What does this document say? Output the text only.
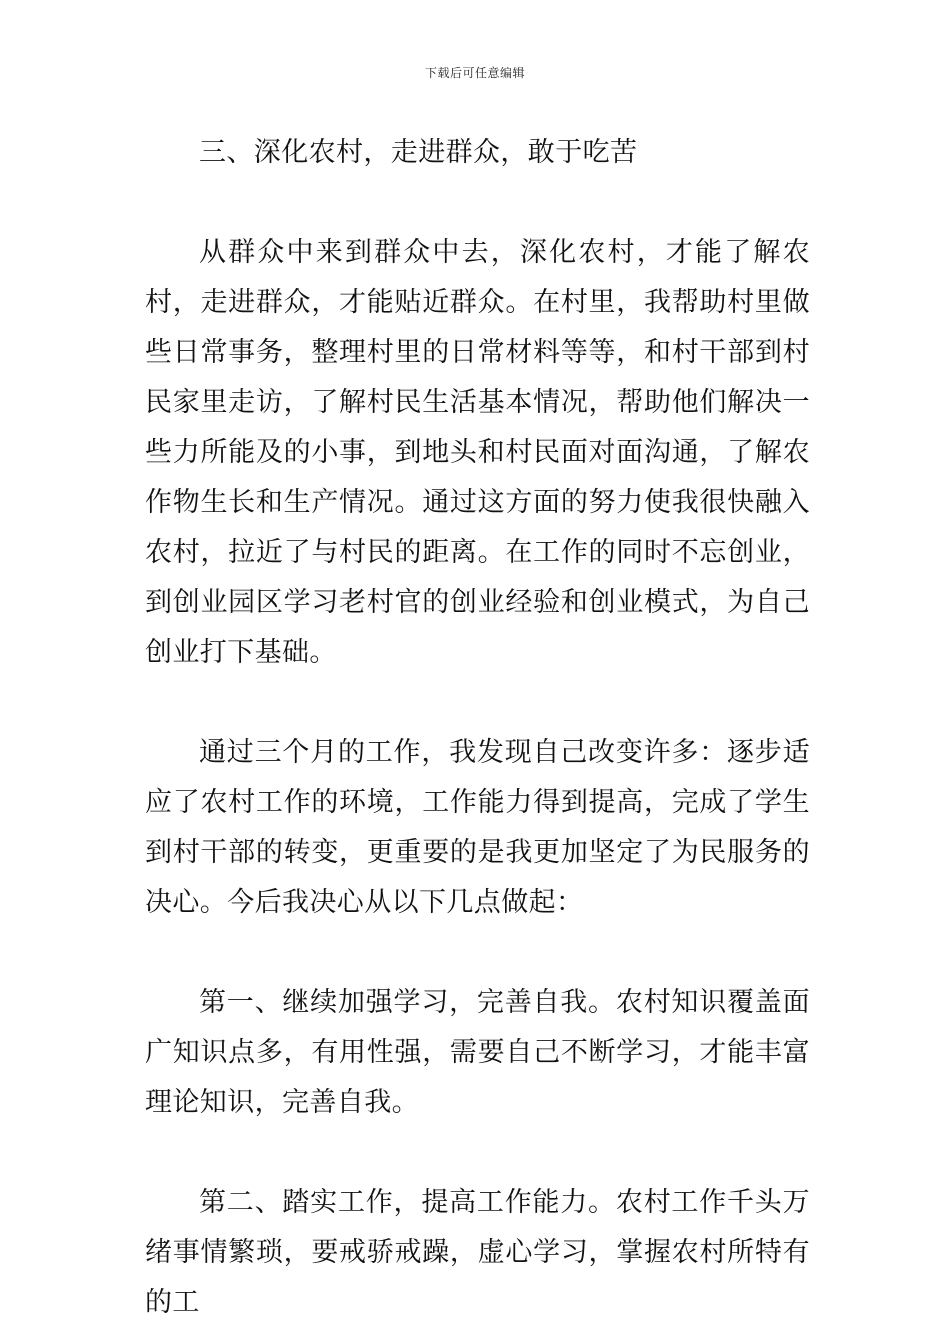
下载后可任意编辑

三、深化农村，走进群众，敢于吃苦

从群众中来到群众中去，深化农村，才能了解农村，走进群众，才能贴近群众。在村里，我帮助村里做些日常事务，整理村里的日常材料等等，和村干部到村民家里走访，了解村民生活基本情况，帮助他们解决一些力所能及的小事，到地头和村民面对面沟通，了解农作物生长和生产情况。通过这方面的努力使我很快融入农村，拉近了与村民的距离。在工作的同时不忘创业，到创业园区学习老村官的创业经验和创业模式，为自己创业打下基础。

通过三个月的工作，我发现自己改变许多：逐步适应了农村工作的环境，工作能力得到提高，完成了学生到村干部的转变，更重要的是我更加坚定了为民服务的决心。今后我决心从以下几点做起：

第一、继续加强学习，完善自我。农村知识覆盖面广知识点多，有用性强，需要自己不断学习，才能丰富理论知识，完善自我。

第二、踏实工作，提高工作能力。农村工作千头万绪事情繁琐，要戒骄戒躁，虚心学习，掌握农村所特有的工
